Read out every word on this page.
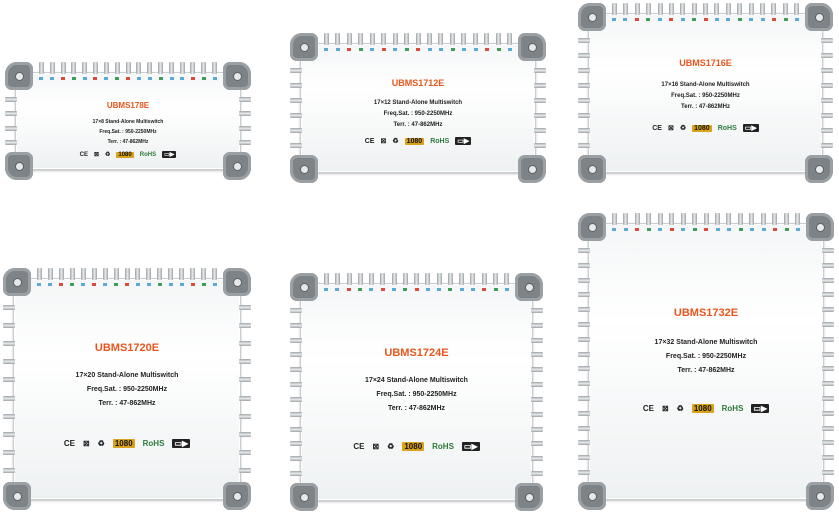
UBMS178E
17×8 Stand-Alone Multiswitch
Freq.Sat. : 950-2250MHz
Terr. : 47-862MHz
CE ⊠ ♻	1080	RoHS	▭▶
UBMS1712E
17×12 Stand-Alone Multiswitch
Freq.Sat. : 950-2250MHz
Terr. : 47-862MHz
CE ⊠ ♻ 1080 RoHS ▭▶
UBMS1716E
17×16 Stand-Alone Multiswitch
Freq.Sat. : 950-2250MHz
Terr. : 47-862MHz
CE ⊠ ♻ 1080 RoHS ▭▶
UBMS1720E
17×20 Stand-Alone Multiswitch
Freq.Sat. : 950-2250MHz
Terr. : 47-862MHz
CE ⊠ ♻ 1080 RoHS ▭▶
UBMS1724E
17×24 Stand-Alone Multiswitch
Freq.Sat. : 950-2250MHz
Terr. : 47-862MHz
CE ⊠ ♻ 1080 RoHS ▭▶
UBMS1732E
17×32 Stand-Alone Multiswitch
Freq.Sat. : 950-2250MHz
Terr. : 47-862MHz
CE ⊠ ♻ 1080 RoHS ▭▶
